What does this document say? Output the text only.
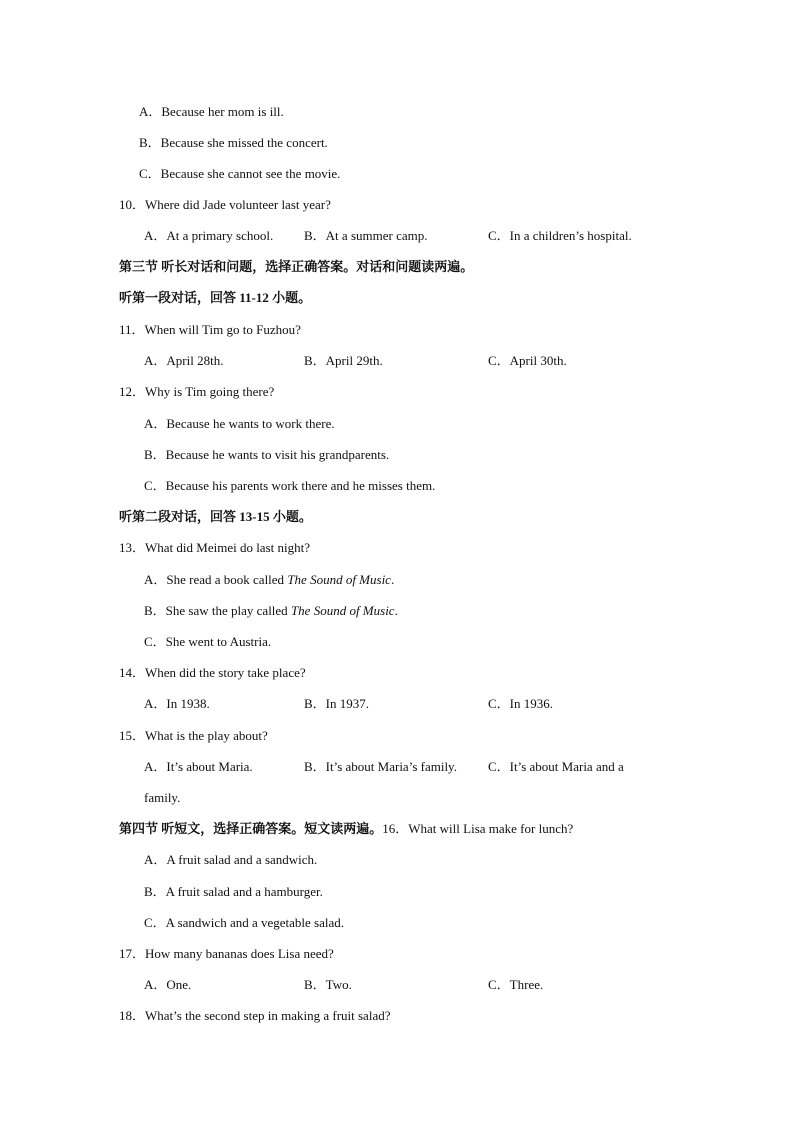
A．Because her mom is ill.
B．Because she missed the concert.
C．Because she cannot see the movie.
10．Where did Jade volunteer last year?
A．At a primary school. B．At a summer camp.	C．In a children’s hospital.
第三节 听长对话和问题，选择正确答案。对话和问题读两遍。
听第一段对话，回答 11-12 小题。
11．When will Tim go to Fuzhou?
A．April 28th.	B．April 29th.	C．April 30th.
12．Why is Tim going there?
A．Because he wants to work there.
B．Because he wants to visit his grandparents.
C．Because his parents work there and he misses them.
听第二段对话，回答 13-15 小题。
13．What did Meimei do last night?
A．She read a book called The Sound of Music.
B．She saw the play called The Sound of Music.
C．She went to Austria.
14．When did the story take place?
A．In 1938.	B．In 1937.	C．In 1936.
15．What is the play about?
A．It’s about Maria.	B．It’s about Maria’s family. C．It’s about Maria and a
family.
第四节 听短文，选择正确答案。短文读两遍。16．What will Lisa make for lunch?
A．A fruit salad and a sandwich.
B．A fruit salad and a hamburger.
C．A sandwich and a vegetable salad.
17．How many bananas does Lisa need?
A．One.	B．Two.	C．Three.
18．What’s the second step in making a fruit salad?
